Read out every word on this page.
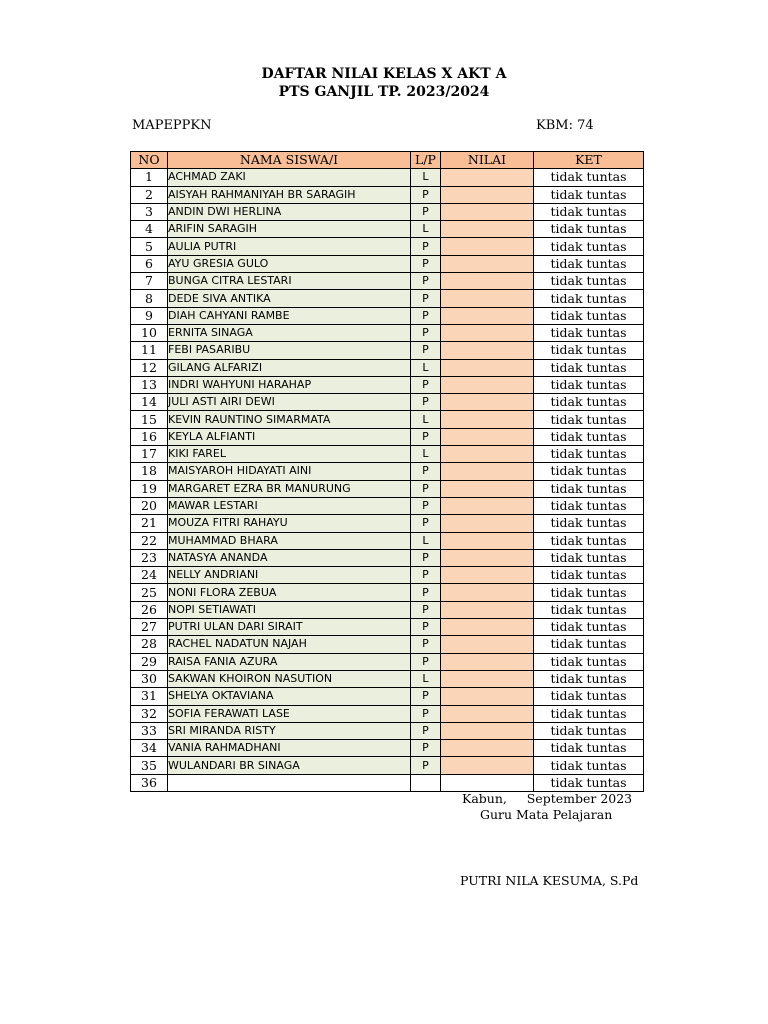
DAFTAR NILAI KELAS X AKT A
PTS GANJIL TP. 2023/2024
MAPEPPKN	KBM: 74
NO	NAMA SISWA/I	L/P	NILAI	KET
1	ACHMAD ZAKI	L		tidak tuntas
2	AISYAH RAHMANIYAH BR SARAGIH	P		tidak tuntas
3	ANDIN DWI HERLINA	P		tidak tuntas
4	ARIFIN SARAGIH	L		tidak tuntas
5	AULIA PUTRI	P		tidak tuntas
6	AYU GRESIA GULO	P		tidak tuntas
7	BUNGA CITRA LESTARI	P		tidak tuntas
8	DEDE SIVA ANTIKA	P		tidak tuntas
9	DIAH CAHYANI RAMBE	P		tidak tuntas
10	ERNITA SINAGA	P		tidak tuntas
11	FEBI PASARIBU	P		tidak tuntas
12	GILANG ALFARIZI	L		tidak tuntas
13	INDRI WAHYUNI HARAHAP	P		tidak tuntas
14	JULI ASTI AIRI DEWI	P		tidak tuntas
15	KEVIN RAUNTINO SIMARMATA	L		tidak tuntas
16	KEYLA ALFIANTI	P		tidak tuntas
17	KIKI FAREL	L		tidak tuntas
18	MAISYAROH HIDAYATI AINI	P		tidak tuntas
19	MARGARET EZRA BR MANURUNG	P		tidak tuntas
20	MAWAR LESTARI	P		tidak tuntas
21	MOUZA FITRI RAHAYU	P		tidak tuntas
22	MUHAMMAD BHARA	L		tidak tuntas
23	NATASYA ANANDA	P		tidak tuntas
24	NELLY ANDRIANI	P		tidak tuntas
25	NONI FLORA ZEBUA	P		tidak tuntas
26	NOPI SETIAWATI	P		tidak tuntas
27	PUTRI ULAN DARI SIRAIT	P		tidak tuntas
28	RACHEL NADATUN NAJAH	P		tidak tuntas
29	RAISA FANIA AZURA	P		tidak tuntas
30	SAKWAN KHOIRON NASUTION	L		tidak tuntas
31	SHELYA OKTAVIANA	P		tidak tuntas
32	SOFIA FERAWATI LASE	P		tidak tuntas
33	SRI MIRANDA RISTY	P		tidak tuntas
34	VANIA RAHMADHANI	P		tidak tuntas
35	WULANDARI BR SINAGA	P		tidak tuntas
36				tidak tuntas
Kabun,     September 2023
Guru Mata Pelajaran
PUTRI NILA KESUMA, S.Pd
